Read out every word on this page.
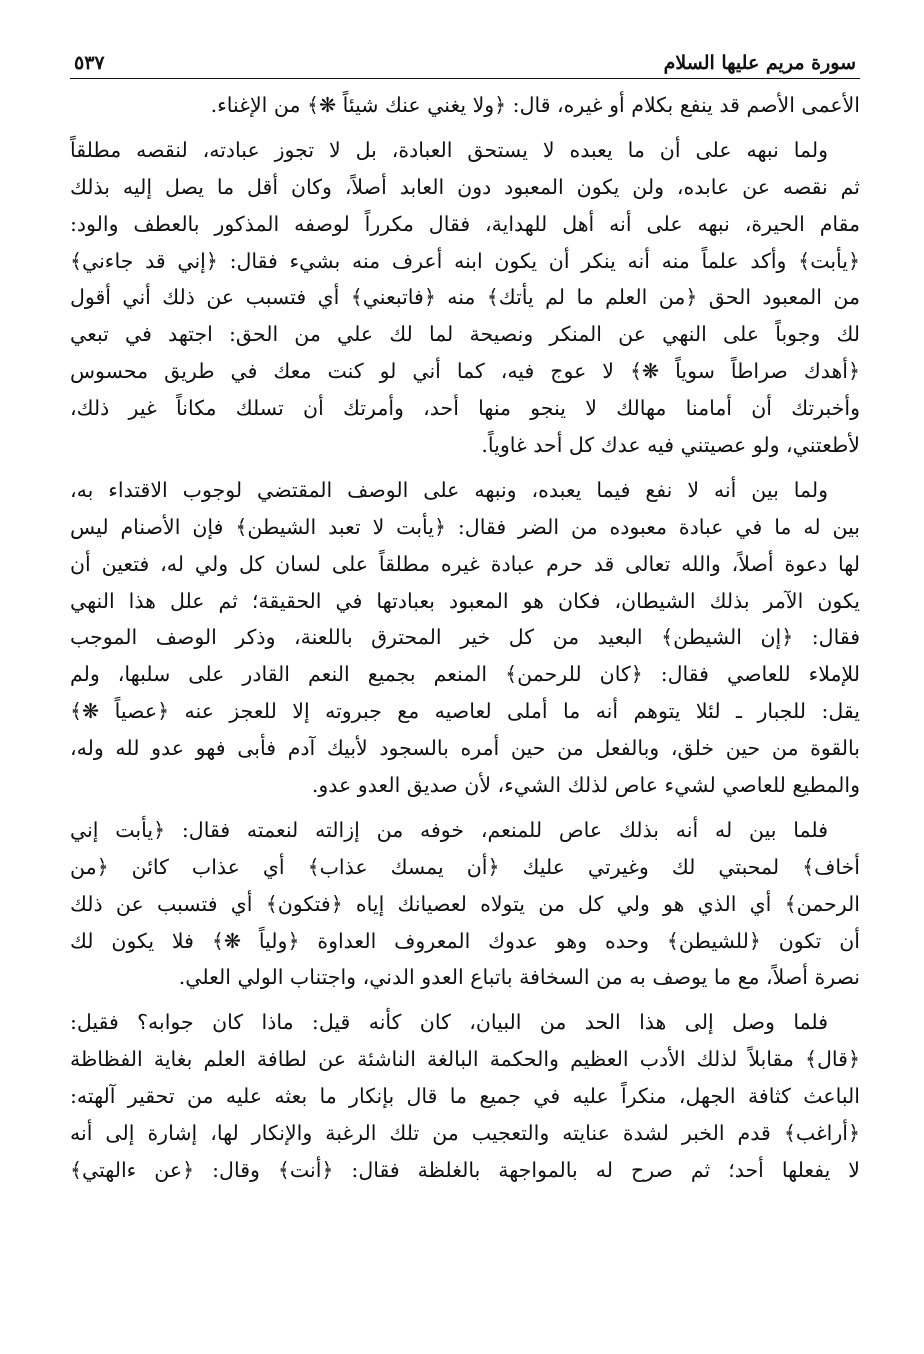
سورة مريم عليها السلام
٥٣٧
الأعمى الأصم قد ينفع بكلام أو غيره، قال: ﴿ولا يغني عنك شيئاً ❋﴾ من الإغناء.
ولما نبهه على أن ما يعبده لا يستحق العبادة، بل لا تجوز عبادته، لنقصه مطلقاً
ثم نقصه عن عابده، ولن يكون المعبود دون العابد أصلاً، وكان أقل ما يصل إليه بذلك
مقام الحيرة، نبهه على أنه أهل للهداية، فقال مكرراً لوصفه المذكور بالعطف والود:
﴿يأبت﴾ وأكد علماً منه أنه ينكر أن يكون ابنه أعرف منه بشيء فقال: ﴿إني قد جاءني﴾
من المعبود الحق ﴿من العلم ما لم يأتك﴾ منه ﴿فاتبعني﴾ أي فتسبب عن ذلك أني أقول
لك وجوباً على النهي عن المنكر ونصيحة لما لك علي من الحق: اجتهد في تبعي
﴿أهدك صراطاً سوياً ❋﴾ لا عوج فيه، كما أني لو كنت معك في طريق محسوس
وأخبرتك أن أمامنا مهالك لا ينجو منها أحد، وأمرتك أن تسلك مكاناً غير ذلك،
لأطعتني، ولو عصيتني فيه عدك كل أحد غاوياً.
ولما بين أنه لا نفع فيما يعبده، ونبهه على الوصف المقتضي لوجوب الاقتداء به،
بين له ما في عبادة معبوده من الضر فقال: ﴿يأبت لا تعبد الشيطن﴾ فإن الأصنام ليس
لها دعوة أصلاً، والله تعالى قد حرم عبادة غيره مطلقاً على لسان كل ولي له، فتعين أن
يكون الآمر بذلك الشيطان، فكان هو المعبود بعبادتها في الحقيقة؛ ثم علل هذا النهي
فقال: ﴿إن الشيطن﴾ البعيد من كل خير المحترق باللعنة، وذكر الوصف الموجب
للإملاء للعاصي فقال: ﴿كان للرحمن﴾ المنعم بجميع النعم القادر على سلبها، ولم
يقل: للجبار ـ لئلا يتوهم أنه ما أملى لعاصيه مع جبروته إلا للعجز عنه ﴿عصياً ❋﴾
بالقوة من حين خلق، وبالفعل من حين أمره بالسجود لأبيك آدم فأبى فهو عدو لله وله،
والمطيع للعاصي لشيء عاص لذلك الشيء، لأن صديق العدو عدو.
فلما بين له أنه بذلك عاص للمنعم، خوفه من إزالته لنعمته فقال: ﴿يأبت إني
أخاف﴾ لمحبتي لك وغيرتي عليك ﴿أن يمسك عذاب﴾ أي عذاب كائن ﴿من
الرحمن﴾ أي الذي هو ولي كل من يتولاه لعصيانك إياه ﴿فتكون﴾ أي فتسبب عن ذلك
أن تكون ﴿للشيطن﴾ وحده وهو عدوك المعروف العداوة ﴿ولياً ❋﴾ فلا يكون لك
نصرة أصلاً، مع ما يوصف به من السخافة باتباع العدو الدني، واجتناب الولي العلي.
فلما وصل إلى هذا الحد من البيان، كان كأنه قيل: ماذا كان جوابه؟ فقيل:
﴿قال﴾ مقابلاً لذلك الأدب العظيم والحكمة البالغة الناشئة عن لطافة العلم بغاية الفظاظة
الباعث كثافة الجهل، منكراً عليه في جميع ما قال بإنكار ما بعثه عليه من تحقير آلهته:
﴿أراغب﴾ قدم الخبر لشدة عنايته والتعجيب من تلك الرغبة والإنكار لها، إشارة إلى أنه
لا يفعلها أحد؛ ثم صرح له بالمواجهة بالغلظة فقال: ﴿أنت﴾ وقال: ﴿عن ءالهتي﴾
